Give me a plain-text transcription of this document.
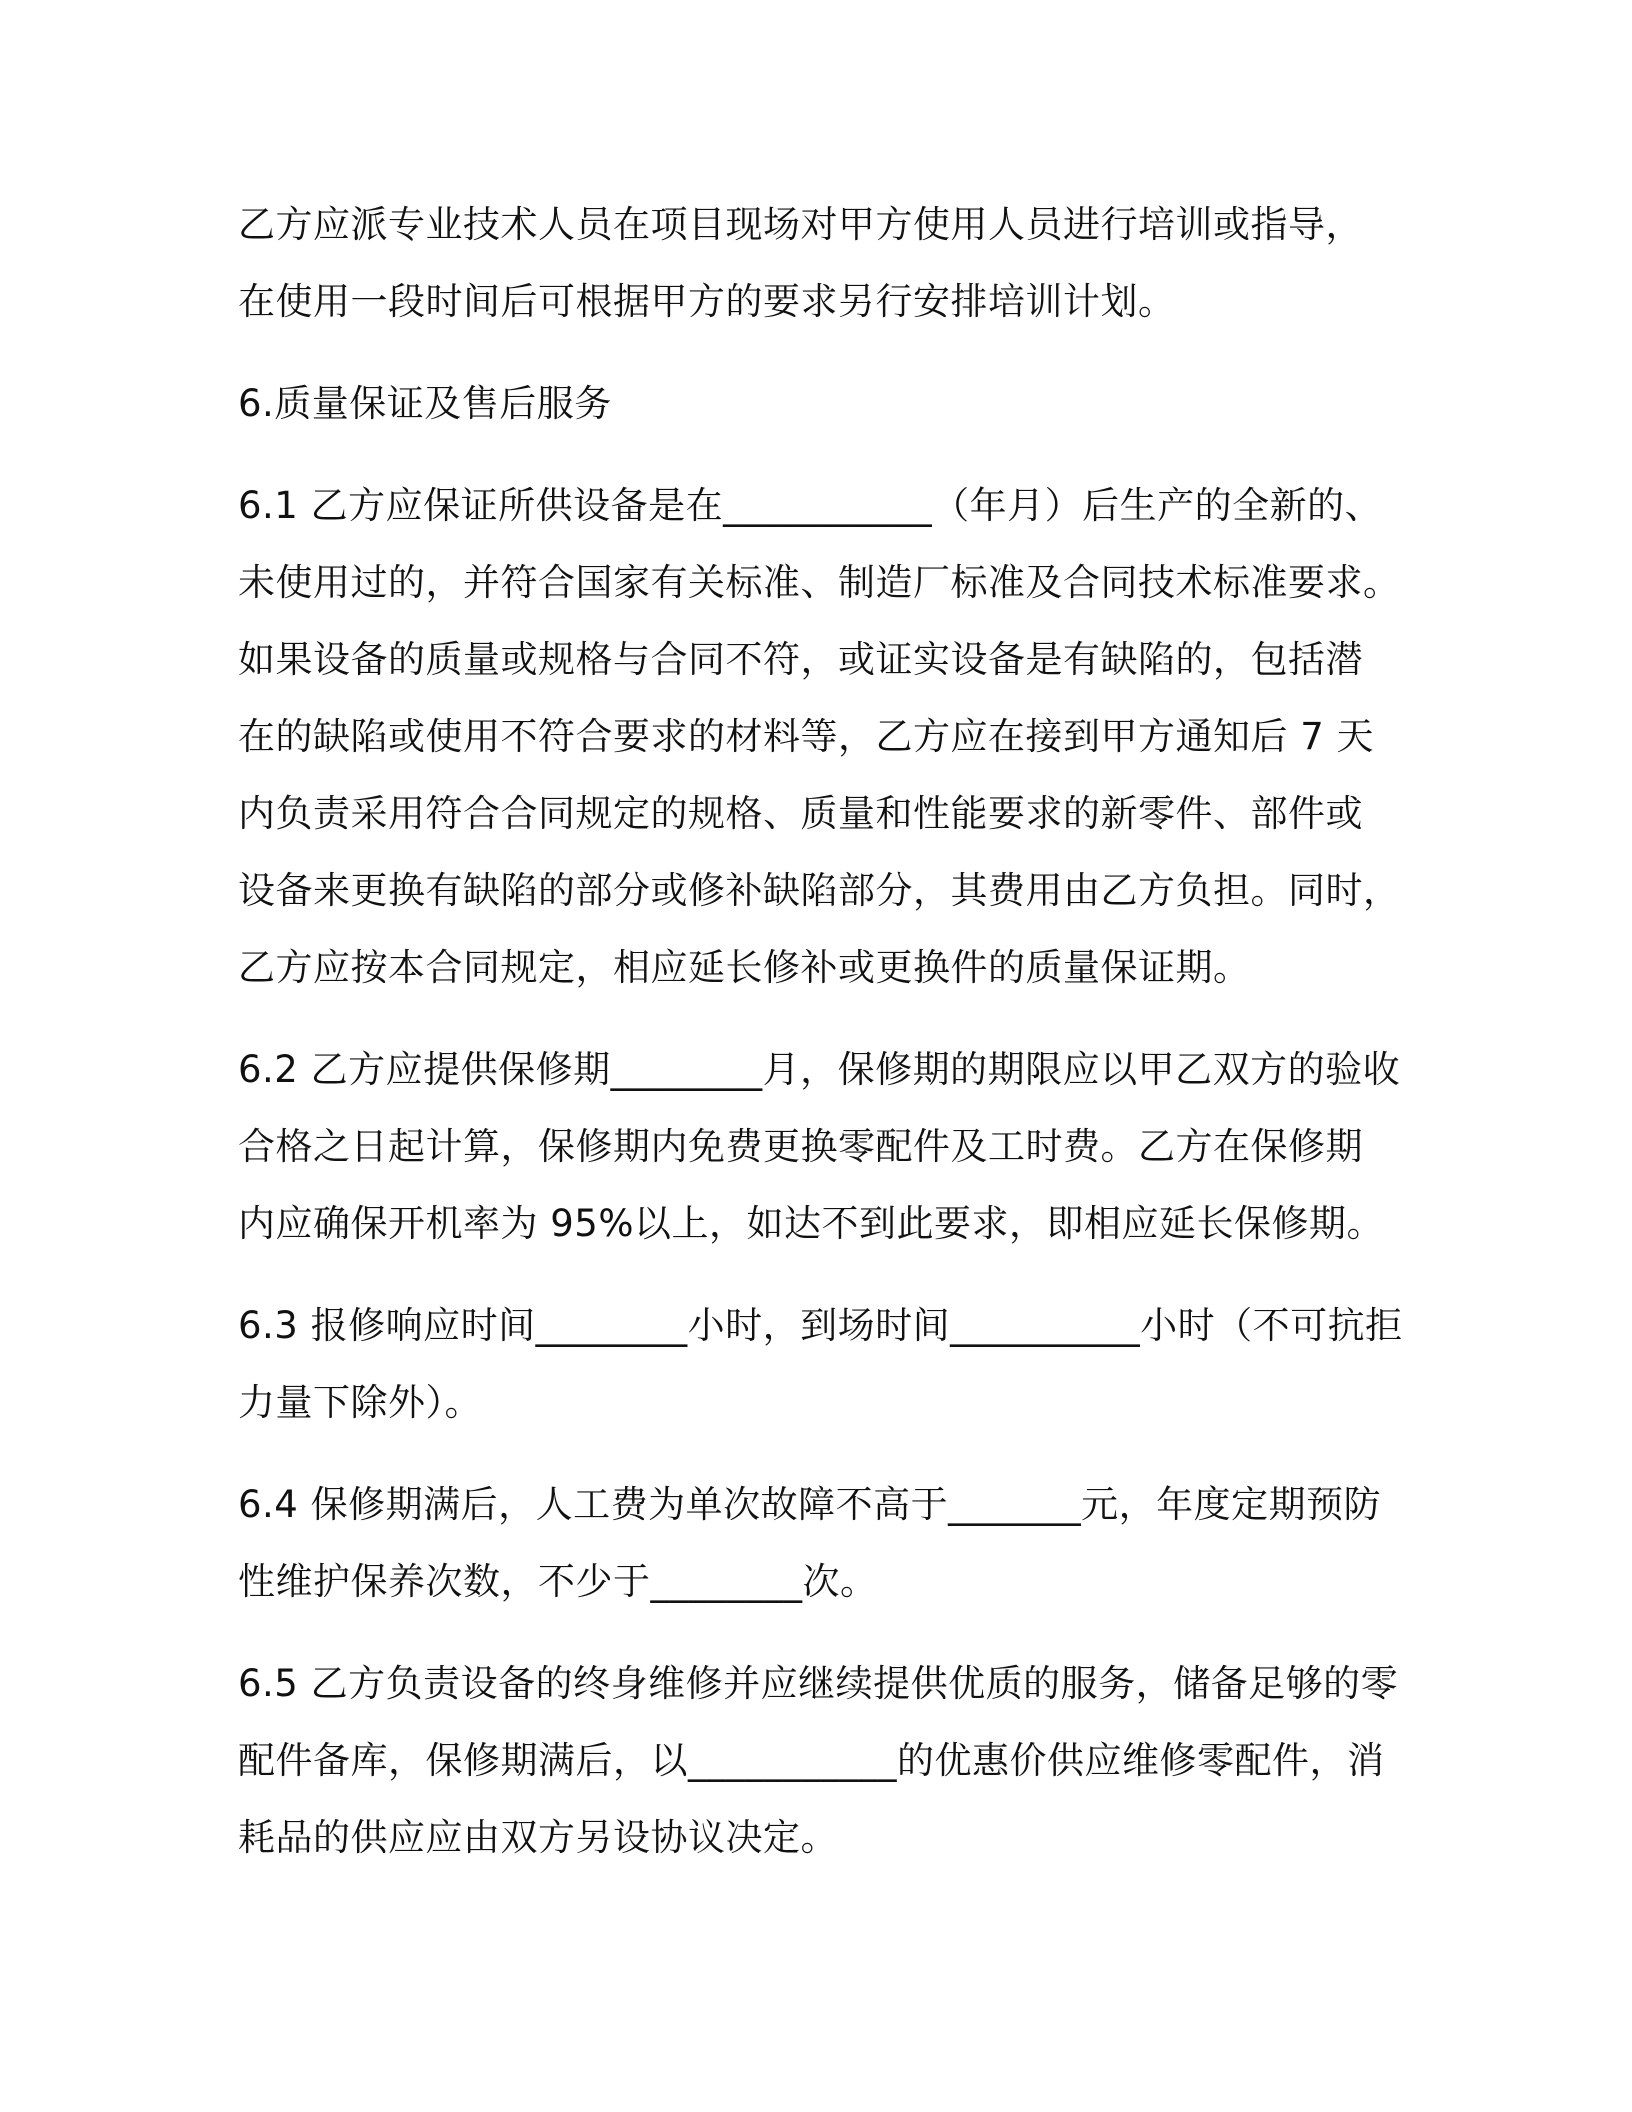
乙方应派专业技术人员在项目现场对甲方使用人员进行培训或指导，
在使用一段时间后可根据甲方的要求另行安排培训计划。

6.质量保证及售后服务

6.1 乙方应保证所供设备是在___________（年月）后生产的全新的、
未使用过的，并符合国家有关标准、制造厂标准及合同技术标准要求。
如果设备的质量或规格与合同不符，或证实设备是有缺陷的，包括潜
在的缺陷或使用不符合要求的材料等，乙方应在接到甲方通知后 7 天
内负责采用符合合同规定的规格、质量和性能要求的新零件、部件或
设备来更换有缺陷的部分或修补缺陷部分，其费用由乙方负担。同时，
乙方应按本合同规定，相应延长修补或更换件的质量保证期。

6.2 乙方应提供保修期________月，保修期的期限应以甲乙双方的验收
合格之日起计算，保修期内免费更换零配件及工时费。乙方在保修期
内应确保开机率为 95%以上，如达不到此要求，即相应延长保修期。

6.3 报修响应时间________小时，到场时间__________小时（不可抗拒
力量下除外）。

6.4 保修期满后，人工费为单次故障不高于_______元，年度定期预防
性维护保养次数，不少于________次。

6.5 乙方负责设备的终身维修并应继续提供优质的服务，储备足够的零
配件备库，保修期满后，以___________的优惠价供应维修零配件，消
耗品的供应应由双方另设协议决定。
